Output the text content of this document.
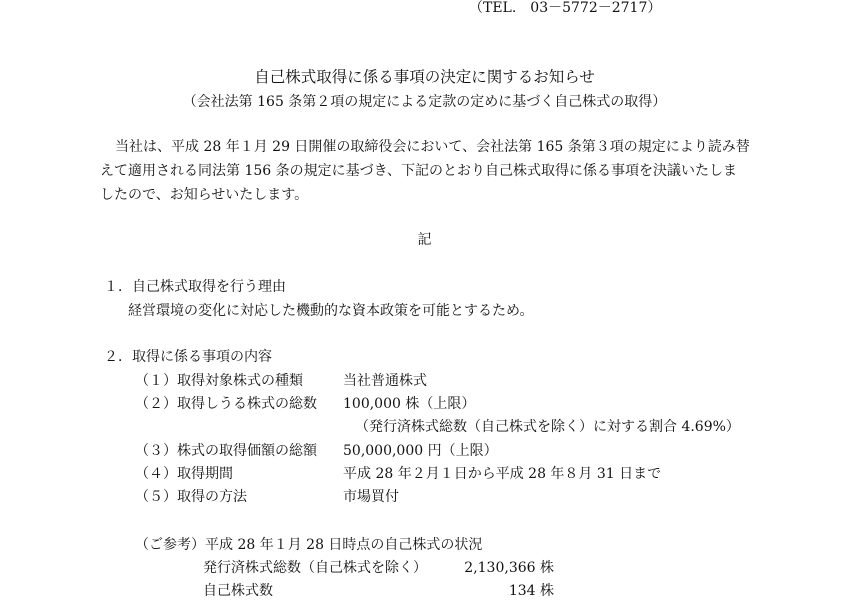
（TEL.　03－5772－2717）
自己株式取得に係る事項の決定に関するお知らせ
（会社法第 165 条第２項の規定による定款の定めに基づく自己株式の取得）
当社は、平成 28 年１月 29 日開催の取締役会において、会社法第 165 条第３項の規定により読み替
えて適用される同法第 156 条の規定に基づき、下記のとおり自己株式取得に係る事項を決議いたしま
したので、お知らせいたします。
記
１．自己株式取得を行う理由
経営環境の変化に対応した機動的な資本政策を可能とするため。
２．取得に係る事項の内容
（１）取得対象株式の種類	当社普通株式
（２）取得しうる株式の総数 100,000 株（上限）
（発行済株式総数（自己株式を除く）に対する割合 4.69%）
（３）株式の取得価額の総額 50,000,000 円（上限）
（４）取得期間	平成 28 年２月１日から平成 28 年８月 31 日まで
（５）取得の方法	市場買付
（ご参考）平成 28 年１月 28 日時点の自己株式の状況
発行済株式総数（自己株式を除く）	2,130,366 株
自己株式数	134 株
